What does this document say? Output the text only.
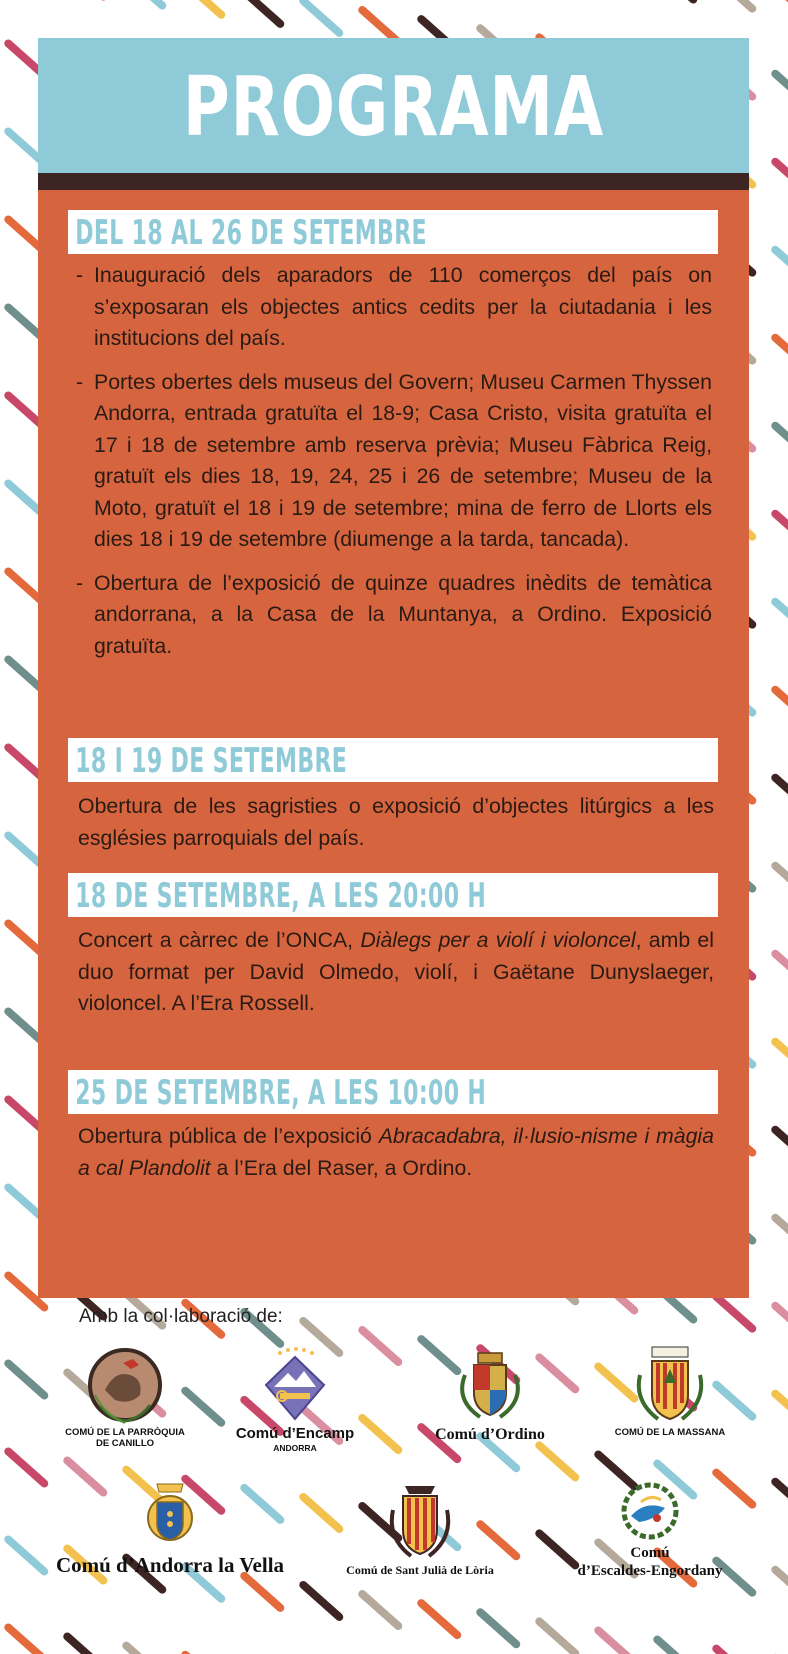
PROGRAMA
DEL 18 AL 26 DE SETEMBRE
- Inauguració dels aparadors de 110 comerços del país on s’exposaran els objectes antics cedits per la ciutadania i les institucions del país.
- Portes obertes dels museus del Govern; Museu Carmen Thyssen Andorra, entrada gratuïta el 18-9; Casa Cristo, visita gratuïta el 17 i 18 de setembre amb reserva prèvia; Museu Fàbrica Reig, gratuït els dies 18, 19, 24, 25 i 26 de setembre; Museu de la Moto, gratuït el 18 i 19 de setembre; mina de ferro de Llorts els dies 18 i 19 de setembre (diumenge a la tarda, tancada).
- Obertura de l’exposició de quinze quadres inèdits de temàtica andorrana, a la Casa de la Muntanya, a Ordino. Exposició gratuïta.
18 I 19 DE SETEMBRE
Obertura de les sagristies o exposició d’objectes litúrgics a les esglésies parroquials del país.
18 DE SETEMBRE, A LES 20:00 H
Concert a càrrec de l’ONCA, Diàlegs per a violí i violoncel, amb el duo format per David Olmedo, violí, i Gaëtane Dunyslaeger, violoncel. A l’Era Rossell.
25 DE SETEMBRE, A LES 10:00 H
Obertura pública de l’exposició Abracadabra, il·lusio-nisme i màgia a cal Plandolit a l’Era del Raser, a Ordino.
Amb la col·laboració de:
COMÚ DE LA PARRÒQUIA
DE CANILLO
Comú d’Encamp
ANDORRA
Comú d’Ordino	COMÚ DE LA MASSANA
Comú d’Andorra la Vella	Comú de Sant Julià de Lòria
Comú
d’Escaldes-Engordany
